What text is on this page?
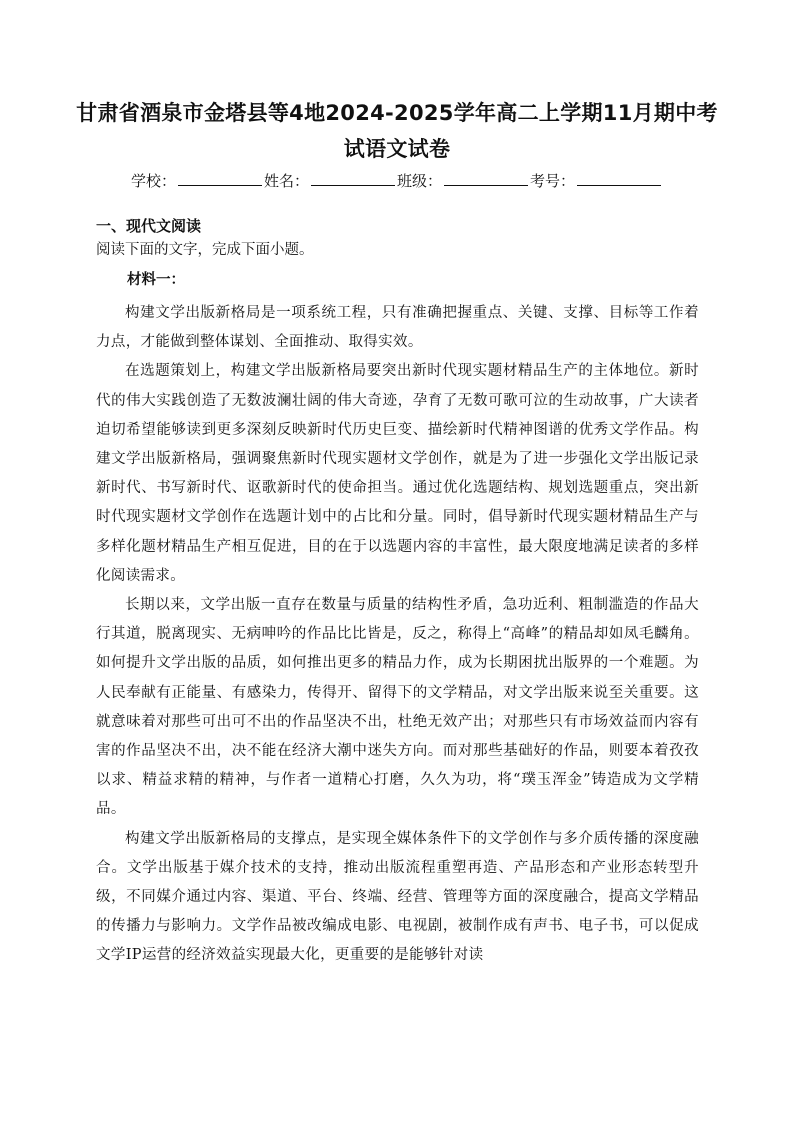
甘肃省酒泉市金塔县等4地2024-2025学年高二上学期11月期中考
试语文试卷
学校：	姓名：	班级：	考号：
一、现代文阅读
阅读下面的文字，完成下面小题。
材料一：

构建文学出版新格局是一项系统工程，只有准确把握重点、关键、支撑、目标等工作着力点，才能做到整体谋划、全面推动、取得实效。

在选题策划上，构建文学出版新格局要突出新时代现实题材精品生产的主体地位。新时代的伟大实践创造了无数波澜壮阔的伟大奇迹，孕育了无数可歌可泣的生动故事，广大读者迫切希望能够读到更多深刻反映新时代历史巨变、描绘新时代精神图谱的优秀文学作品。构建文学出版新格局，强调聚焦新时代现实题材文学创作，就是为了进一步强化文学出版记录新时代、书写新时代、讴歌新时代的使命担当。通过优化选题结构、规划选题重点，突出新时代现实题材文学创作在选题计划中的占比和分量。同时，倡导新时代现实题材精品生产与多样化题材精品生产相互促进，目的在于以选题内容的丰富性，最大限度地满足读者的多样化阅读需求。

长期以来，文学出版一直存在数量与质量的结构性矛盾，急功近利、粗制滥造的作品大行其道，脱离现实、无病呻吟的作品比比皆是，反之，称得上“高峰”的精品却如凤毛麟角。如何提升文学出版的品质，如何推出更多的精品力作，成为长期困扰出版界的一个难题。为人民奉献有正能量、有感染力，传得开、留得下的文学精品，对文学出版来说至关重要。这就意味着对那些可出可不出的作品坚决不出，杜绝无效产出；对那些只有市场效益而内容有害的作品坚决不出，决不能在经济大潮中迷失方向。而对那些基础好的作品，则要本着孜孜以求、精益求精的精神，与作者一道精心打磨，久久为功，将“璞玉浑金”铸造成为文学精品。

构建文学出版新格局的支撑点，是实现全媒体条件下的文学创作与多介质传播的深度融合。文学出版基于媒介技术的支持，推动出版流程重塑再造、产品形态和产业形态转型升级，不同媒介通过内容、渠道、平台、终端、经营、管理等方面的深度融合，提高文学精品的传播力与影响力。文学作品被改编成电影、电视剧，被制作成有声书、电子书，可以促成文学IP运营的经济效益实现最大化，更重要的是能够针对读
